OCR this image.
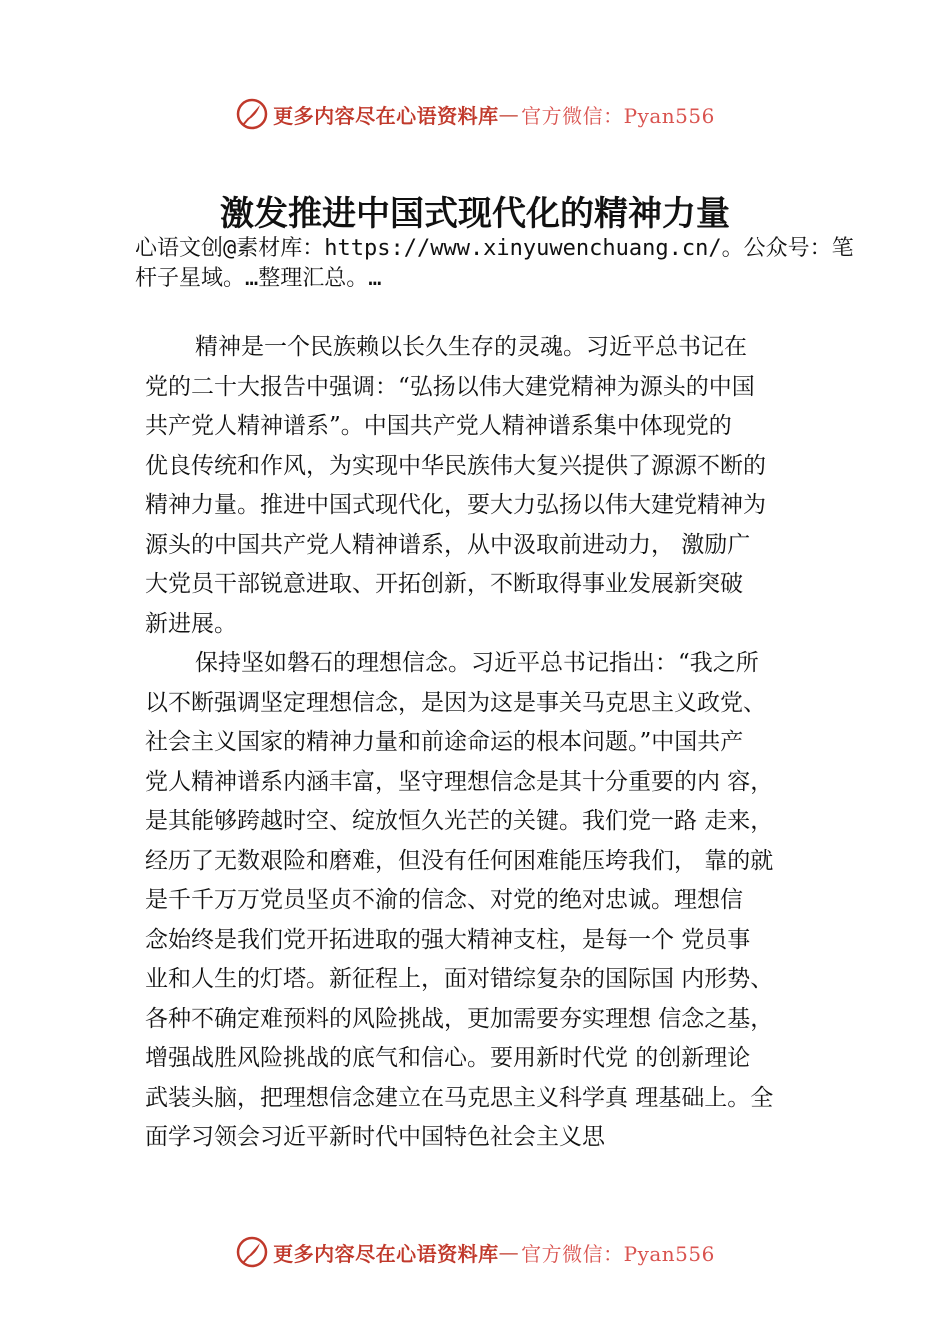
更多内容尽在心语资料库 — 官方微信：Pyan556
激发推进中国式现代化的精神力量

心语文创@素材库：https://www.xinyuwenchuang.cn/。公众号：笔杆子星域。…整理汇总。…

精神是一个民族赖以长久生存的灵魂。习近平总书记在
党的二十大报告中强调：“弘扬以伟大建党精神为源头的中国
共产党人精神谱系”。中国共产党人精神谱系集中体现党的
优良传统和作风，为实现中华民族伟大复兴提供了源源不断的
精神力量。推进中国式现代化，要大力弘扬以伟大建党精神为
源头的中国共产党人精神谱系，从中汲取前进动力， 激励广
大党员干部锐意进取、开拓创新，不断取得事业发展新突破
新进展。
保持坚如磐石的理想信念。习近平总书记指出：“我之所
以不断强调坚定理想信念，是因为这是事关马克思主义政党、
社会主义国家的精神力量和前途命运的根本问题。”中国共产
党人精神谱系内涵丰富，坚守理想信念是其十分重要的内 容，
是其能够跨越时空、绽放恒久光芒的关键。我们党一路 走来，
经历了无数艰险和磨难，但没有任何困难能压垮我们， 靠的就
是千千万万党员坚贞不渝的信念、对党的绝对忠诚。理想信
念始终是我们党开拓进取的强大精神支柱，是每一个 党员事
业和人生的灯塔。新征程上，面对错综复杂的国际国 内形势、
各种不确定难预料的风险挑战，更加需要夯实理想 信念之基，
增强战胜风险挑战的底气和信心。要用新时代党 的创新理论
武装头脑，把理想信念建立在马克思主义科学真 理基础上。全
面学习领会习近平新时代中国特色社会主义思
更多内容尽在心语资料库 — 官方微信：Pyan556
